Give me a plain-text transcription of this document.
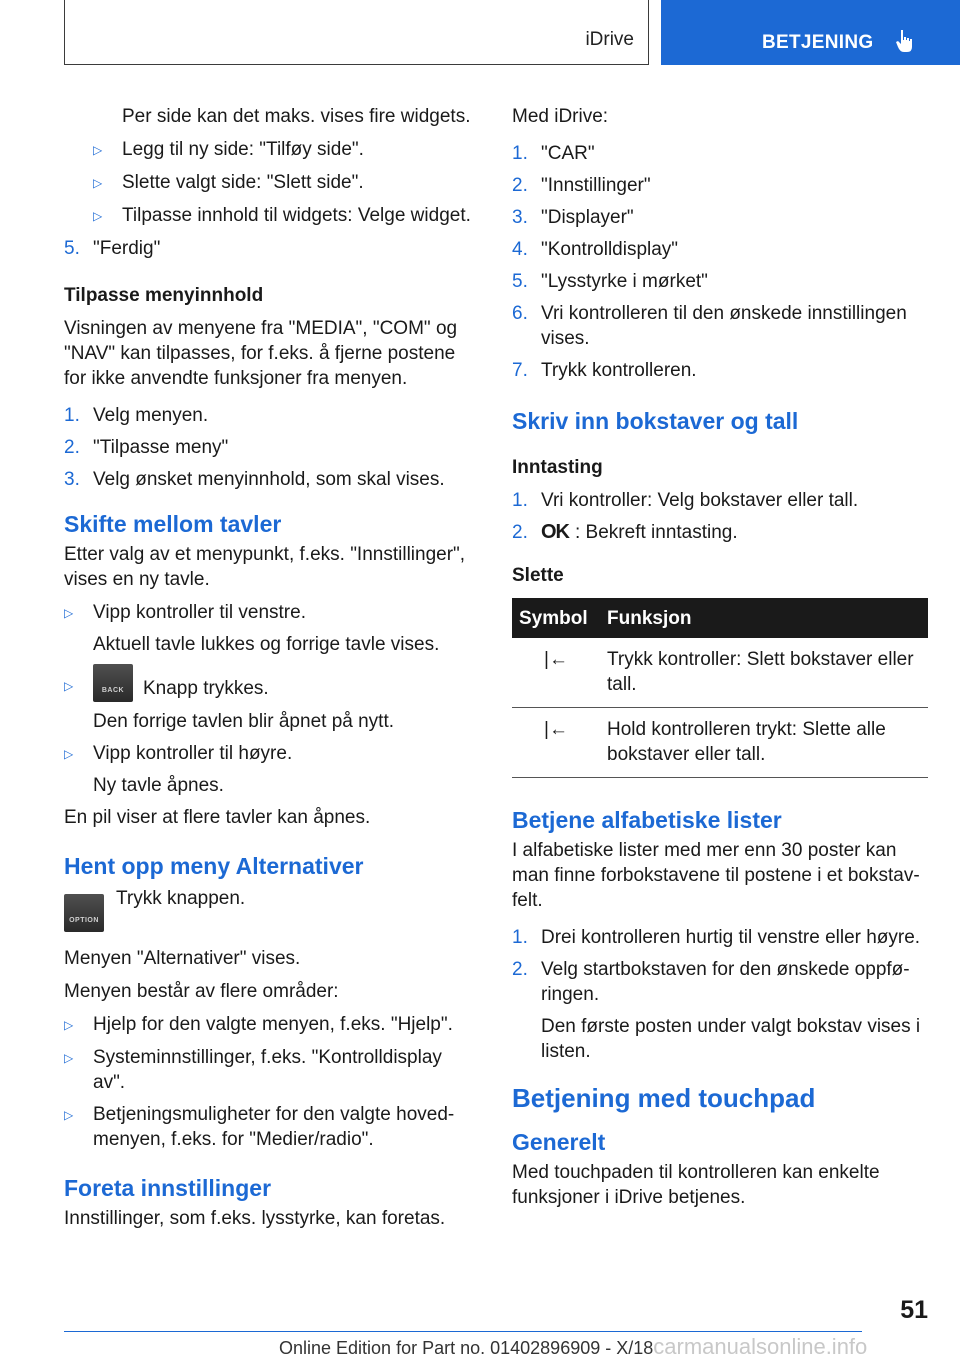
iDrive	BETJENING

Per side kan det maks. vises fire widgets.

▷	Legg til ny side: "Tilføy side".
▷	Slette valgt side: "Slett side".
▷	Tilpasse innhold til widgets: Velge widget.
5. "Ferdig"
Tilpasse menyinnhold

Visningen av menyene fra "MEDIA", "COM" og "NAV" kan tilpasses, for f.eks. å fjerne postene for ikke anvendte funksjoner fra menyen.

1. Velg menyen.
2. "Tilpasse meny"
3. Velg ønsket menyinnhold, som skal vises.
Skifte mellom tavler

Etter valg av et menypunkt, f.eks. "Innstillinger", vises en ny tavle.

▷	Vipp kontroller til venstre.

Aktuell tavle lukkes og forrige tavle vises.

▷	BACK Knapp trykkes.

Den forrige tavlen blir åpnet på nytt.

▷	Vipp kontroller til høyre.

Ny tavle åpnes.

En pil viser at flere tavler kan åpnes.

Hent opp meny Alternativer

OPTION
Trykk knappen.

Menyen "Alternativer" vises.

Menyen består av flere områder:

▷	Hjelp for den valgte menyen, f.eks. "Hjelp".
▷	Systeminnstillinger, f.eks. "Kontrolldisplay av".
▷	Betjeningsmuligheter for den valgte hovedmenyen, f.eks. for "Medier/radio".
Foreta innstillinger

Innstillinger, som f.eks. lysstyrke, kan foretas.

Med iDrive:

1. "CAR"
2. "Innstillinger"
3. "Displayer"
4. "Kontrolldisplay"
5. "Lysstyrke i mørket"
6. Vri kontrolleren til den ønskede innstillingen vises.
7. Trykk kontrolleren.
Skriv inn bokstaver og tall
Inntasting
1. Vri kontroller: Velg bokstaver eller tall.
2. OK : Bekreft inntasting.
Slette
Symbol	Funksjon
|←	Trykk kontroller: Slett bokstaver eller tall.
|←	Hold kontrolleren trykt: Slette alle bokstaver eller tall.
Betjene alfabetiske lister

I alfabetiske lister med mer enn 30 poster kan man finne forbokstavene til postene i et bokstavfelt.

1. Drei kontrolleren hurtig til venstre eller høyre.
2. Velg startbokstaven for den ønskede oppføringen.

Den første posten under valgt bokstav vises i listen.

Betjening med touchpad
Generelt

Med touchpaden til kontrolleren kan enkelte funksjoner i iDrive betjenes.

51
Online Edition for Part no. 01402896909 - X/18carmanualsonline.info
